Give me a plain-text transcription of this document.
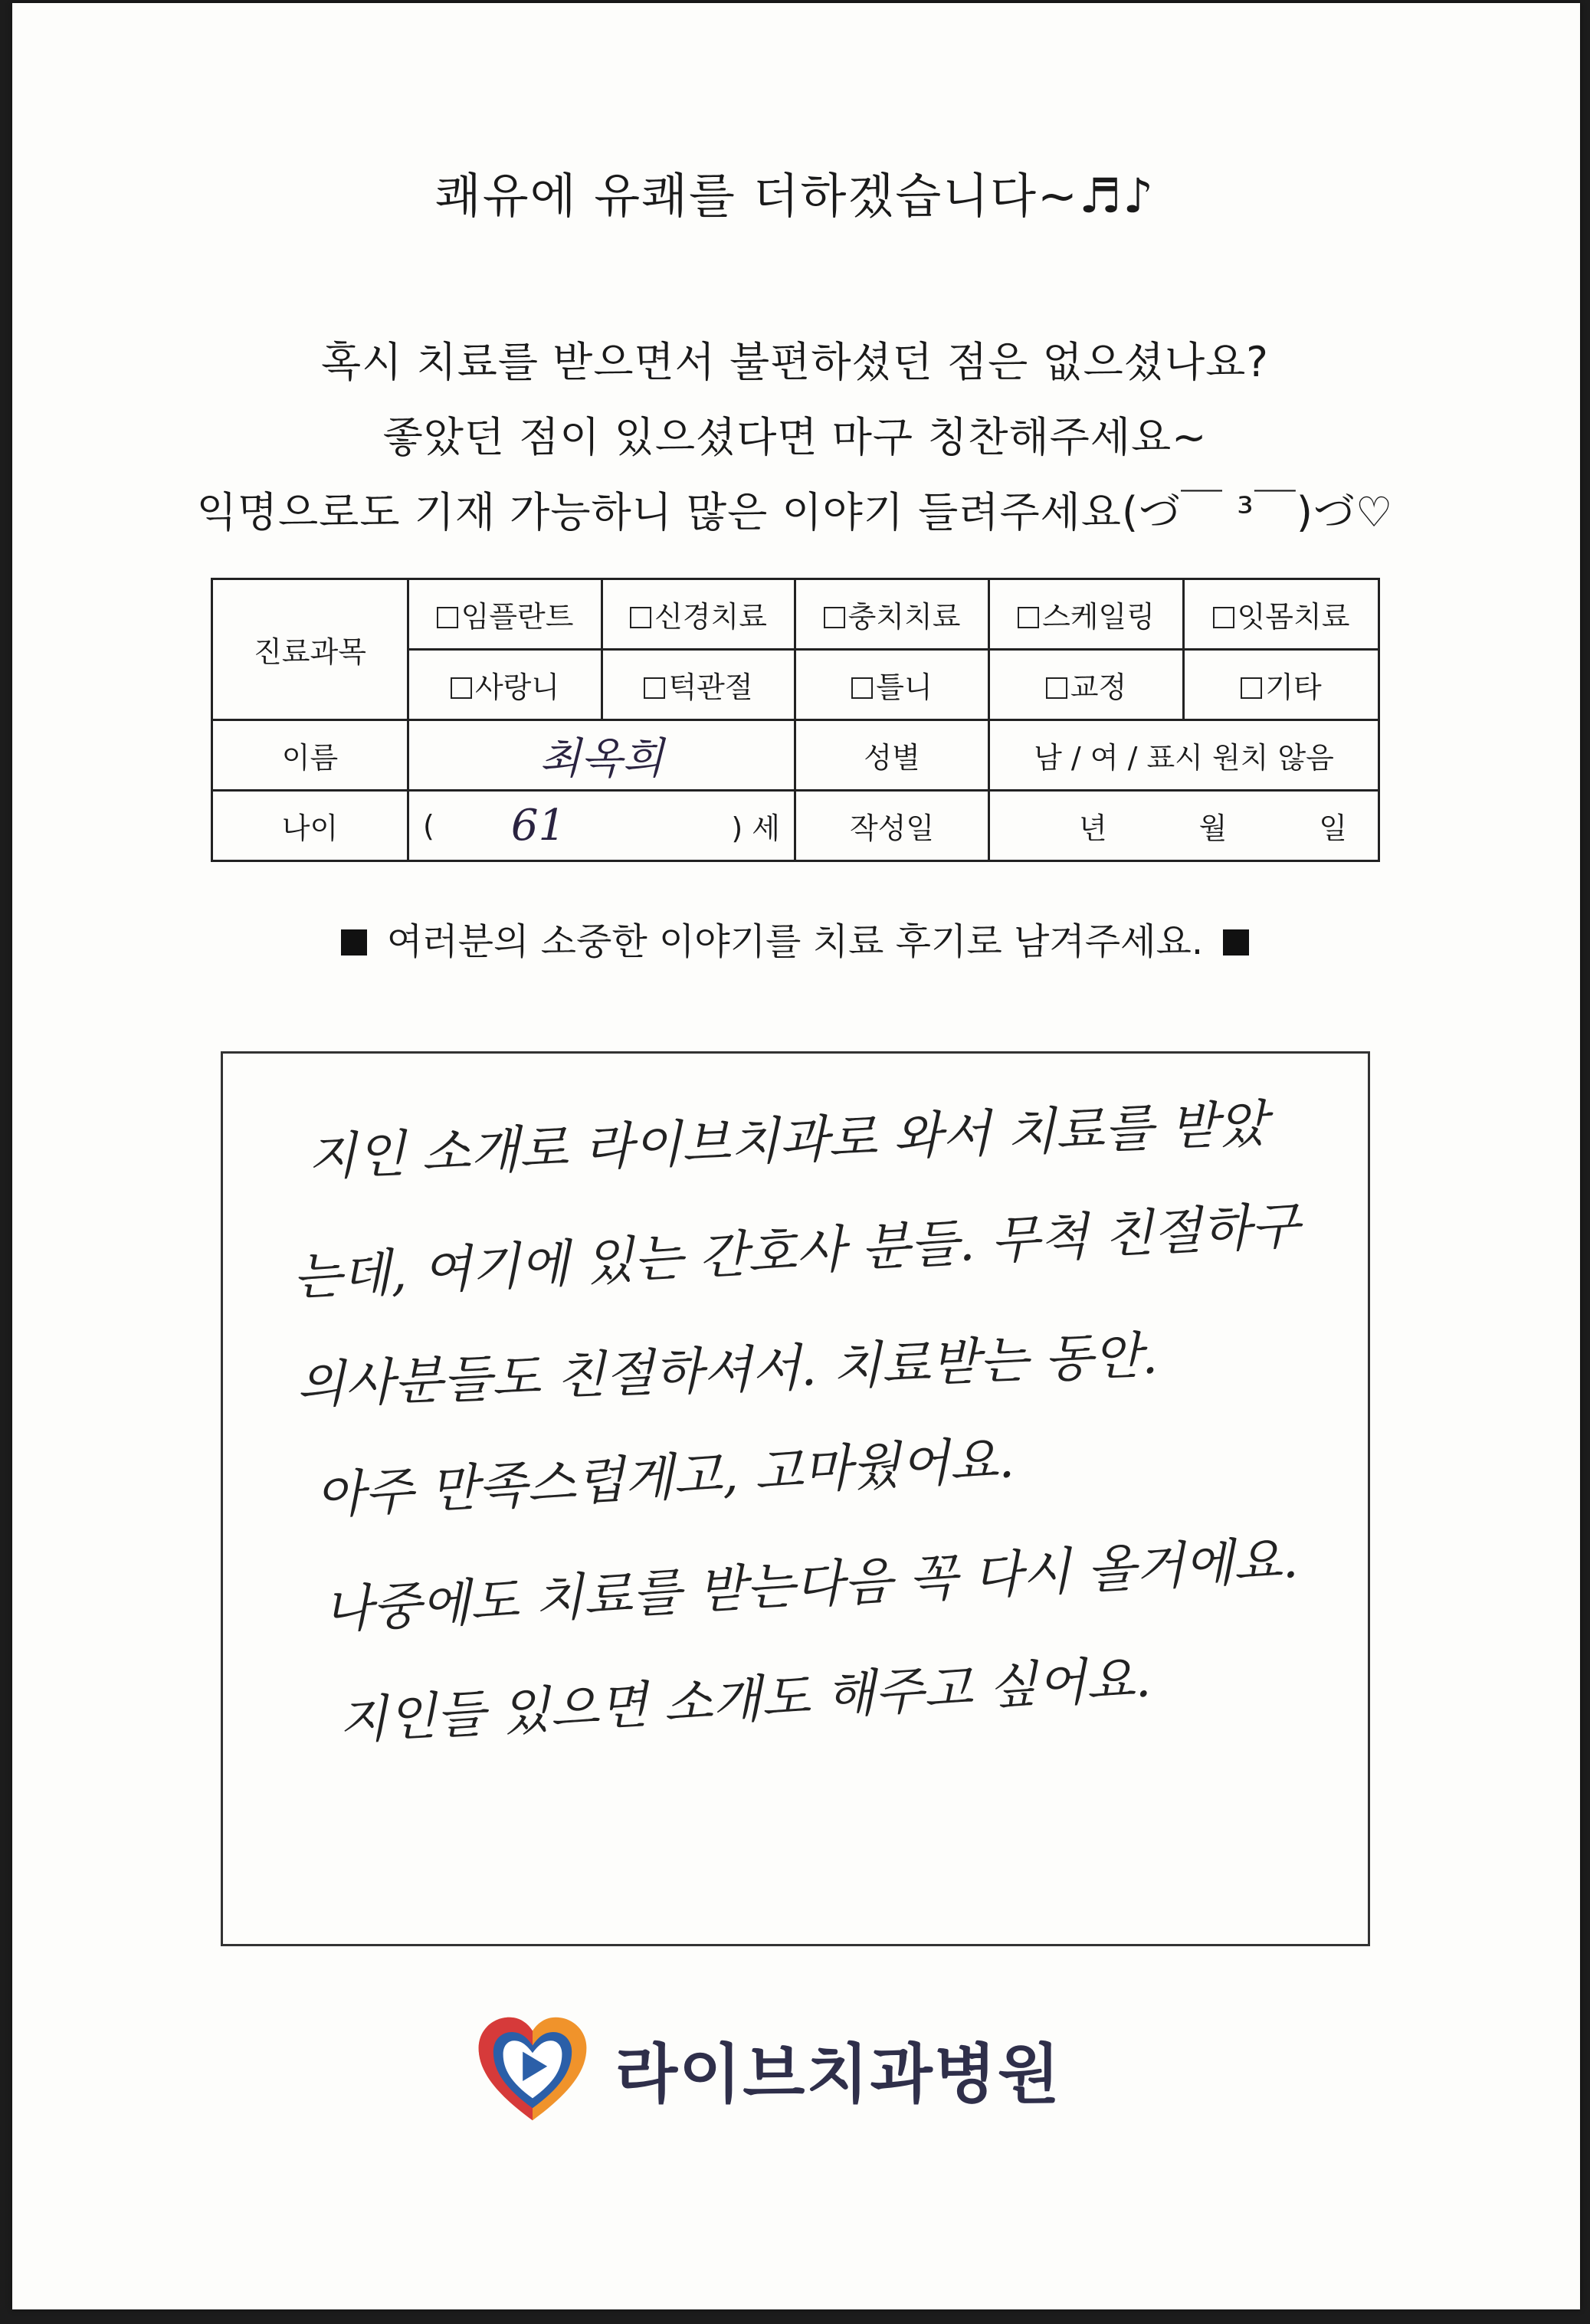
쾌유에 유쾌를 더하겠습니다~♬♪
혹시 치료를 받으면서 불편하셨던 점은 없으셨나요?
좋았던 점이 있으셨다면 마구 칭찬해주세요~
익명으로도 기재 가능하니 많은 이야기 들려주세요(づ￣ ³￣)づ♡
진료과목	임플란트	신경치료	충치치료	스케일링	잇몸치료
	사랑니	턱관절	틀니	교정	기타
이름	최옥희		성별	남 / 여 / 표시 원치 않음	
나이	( 61 ) 세		작성일	년 월 일	
여러분의 소중한 이야기를 치료 후기로 남겨주세요.
지인 소개로 라이브치과로 와서 치료를 받았
는데, 여기에 있는 간호사 분들. 무척 친절하구
의사분들도 친절하셔서. 치료받는 동안.
아주 만족스럽게고, 고마웠어요.
나중에도 치료를 받는다음 꼭 다시 올거에요.
지인들 있으면 소개도 해주고 싶어요.
라이브치과병원
